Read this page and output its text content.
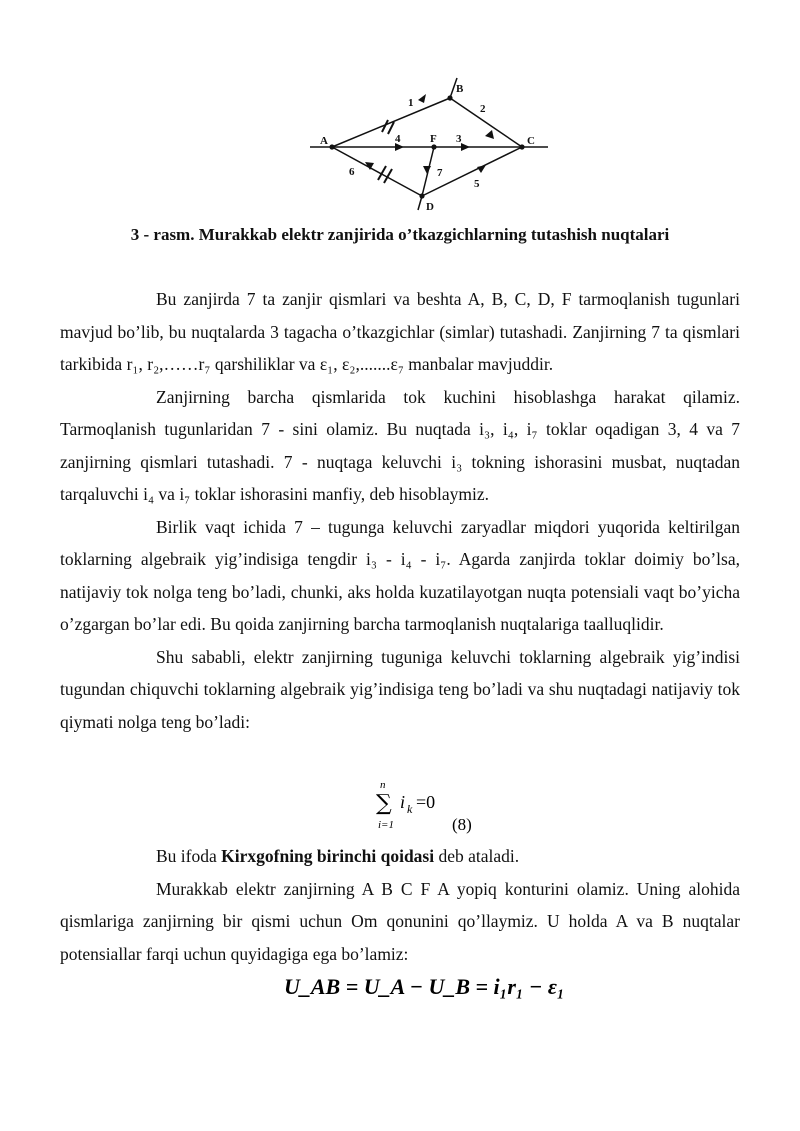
A
B
C
D
F
1	2
3
4
5
6	7
3 - rasm. Murakkab elektr zanjirida o’tkazgichlarning tutashish nuqtalari

Bu zanjirda 7 ta zanjir qismlari va beshta A, B, C, D, F tarmoqlanish tugunlari mavjud bo’lib, bu nuqtalarda 3 tagacha o’tkazgichlar (simlar) tutashadi. Zanjirning 7 ta qismlari tarkibida r₁, r₂,……r₇ qarshiliklar va ε₁, ε₂,.......ε₇ manbalar mavjuddir.

Zanjirning barcha qismlarida tok kuchini hisoblashga harakat qilamiz. Tarmoqlanish tugunlaridan 7 - sini olamiz. Bu nuqtada i₃, i₄, i₇ toklar oqadigan 3, 4 va 7 zanjirning qismlari tutashadi. 7 - nuqtaga keluvchi i₃ tokning ishorasini musbat, nuqtadan tarqaluvchi i₄ va i₇ toklar ishorasini manfiy, deb hisoblaymiz.

Birlik vaqt ichida 7 – tugunga keluvchi zaryadlar miqdori yuqorida keltirilgan toklarning algebraik yig’indisiga tengdir i₃ - i₄ - i₇. Agarda zanjirda toklar doimiy bo’lsa, natijaviy tok nolga teng bo’ladi, chunki, aks holda kuzatilayotgan nuqta potensiali vaqt bo’yicha o’zgargan bo’lar edi. Bu qoida zanjirning barcha tarmoqlanish nuqtalariga taalluqlidir.

Shu sababli, elektr zanjirning tuguniga keluvchi toklarning algebraik yig’indisi tugundan chiquvchi toklarning algebraik yig’indisiga teng bo’ladi va shu nuqtadagi natijaviy tok qiymati nolga teng bo’ladi:

n
∑
i=1
i k =0
(8)

Bu ifoda Kirxgofning birinchi qoidasi deb ataladi.

Murakkab elektr zanjirning A B C F A yopiq konturini olamiz. Uning alohida qismlariga zanjirning bir qismi uchun Om qonunini qo’llaymiz. U holda A va B nuqtalar potensiallar farqi uchun quyidagiga ega bo’lamiz:

U_AB = U_A − U_B = i₁r₁ − ε₁
